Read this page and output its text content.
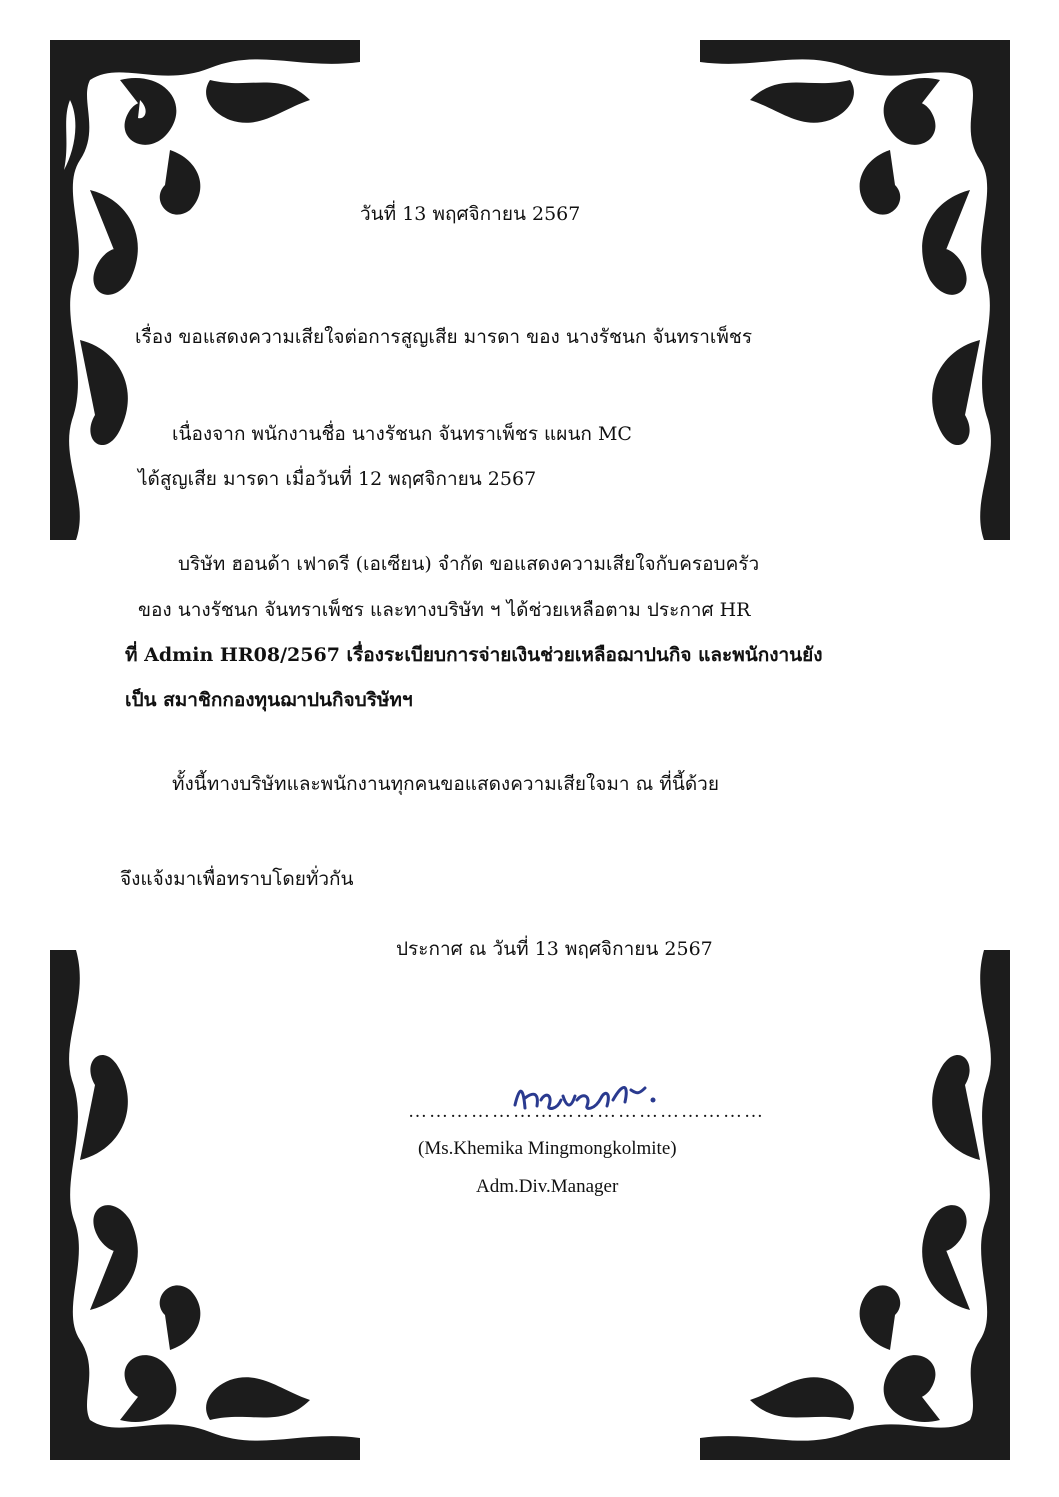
วันที่ 13 พฤศจิกายน 2567
เรื่อง ขอแสดงความเสียใจต่อการสูญเสีย มารดา ของ นางรัชนก จันทราเพ็ชร
เนื่องจาก พนักงานชื่อ นางรัชนก จันทราเพ็ชร แผนก MC
ได้สูญเสีย มารดา เมื่อวันที่ 12 พฤศจิกายน 2567
บริษัท ฮอนด้า เฟาดรี (เอเซียน) จำกัด ขอแสดงความเสียใจกับครอบครัว
ของ นางรัชนก จันทราเพ็ชร และทางบริษัท ฯ ได้ช่วยเหลือตาม ประกาศ HR
ที่ Admin HR08/2567 เรื่องระเบียบการจ่ายเงินช่วยเหลือฌาปนกิจ และพนักงานยัง
เป็น สมาชิกกองทุนฌาปนกิจบริษัทฯ
ทั้งนี้ทางบริษัทและพนักงานทุกคนขอแสดงความเสียใจมา ณ ที่นี้ด้วย
จึงแจ้งมาเพื่อทราบโดยทั่วกัน
ประกาศ ณ วันที่ 13 พฤศจิกายน 2567
……………………………………………
(Ms.Khemika Mingmongkolmite)
Adm.Div.Manager
